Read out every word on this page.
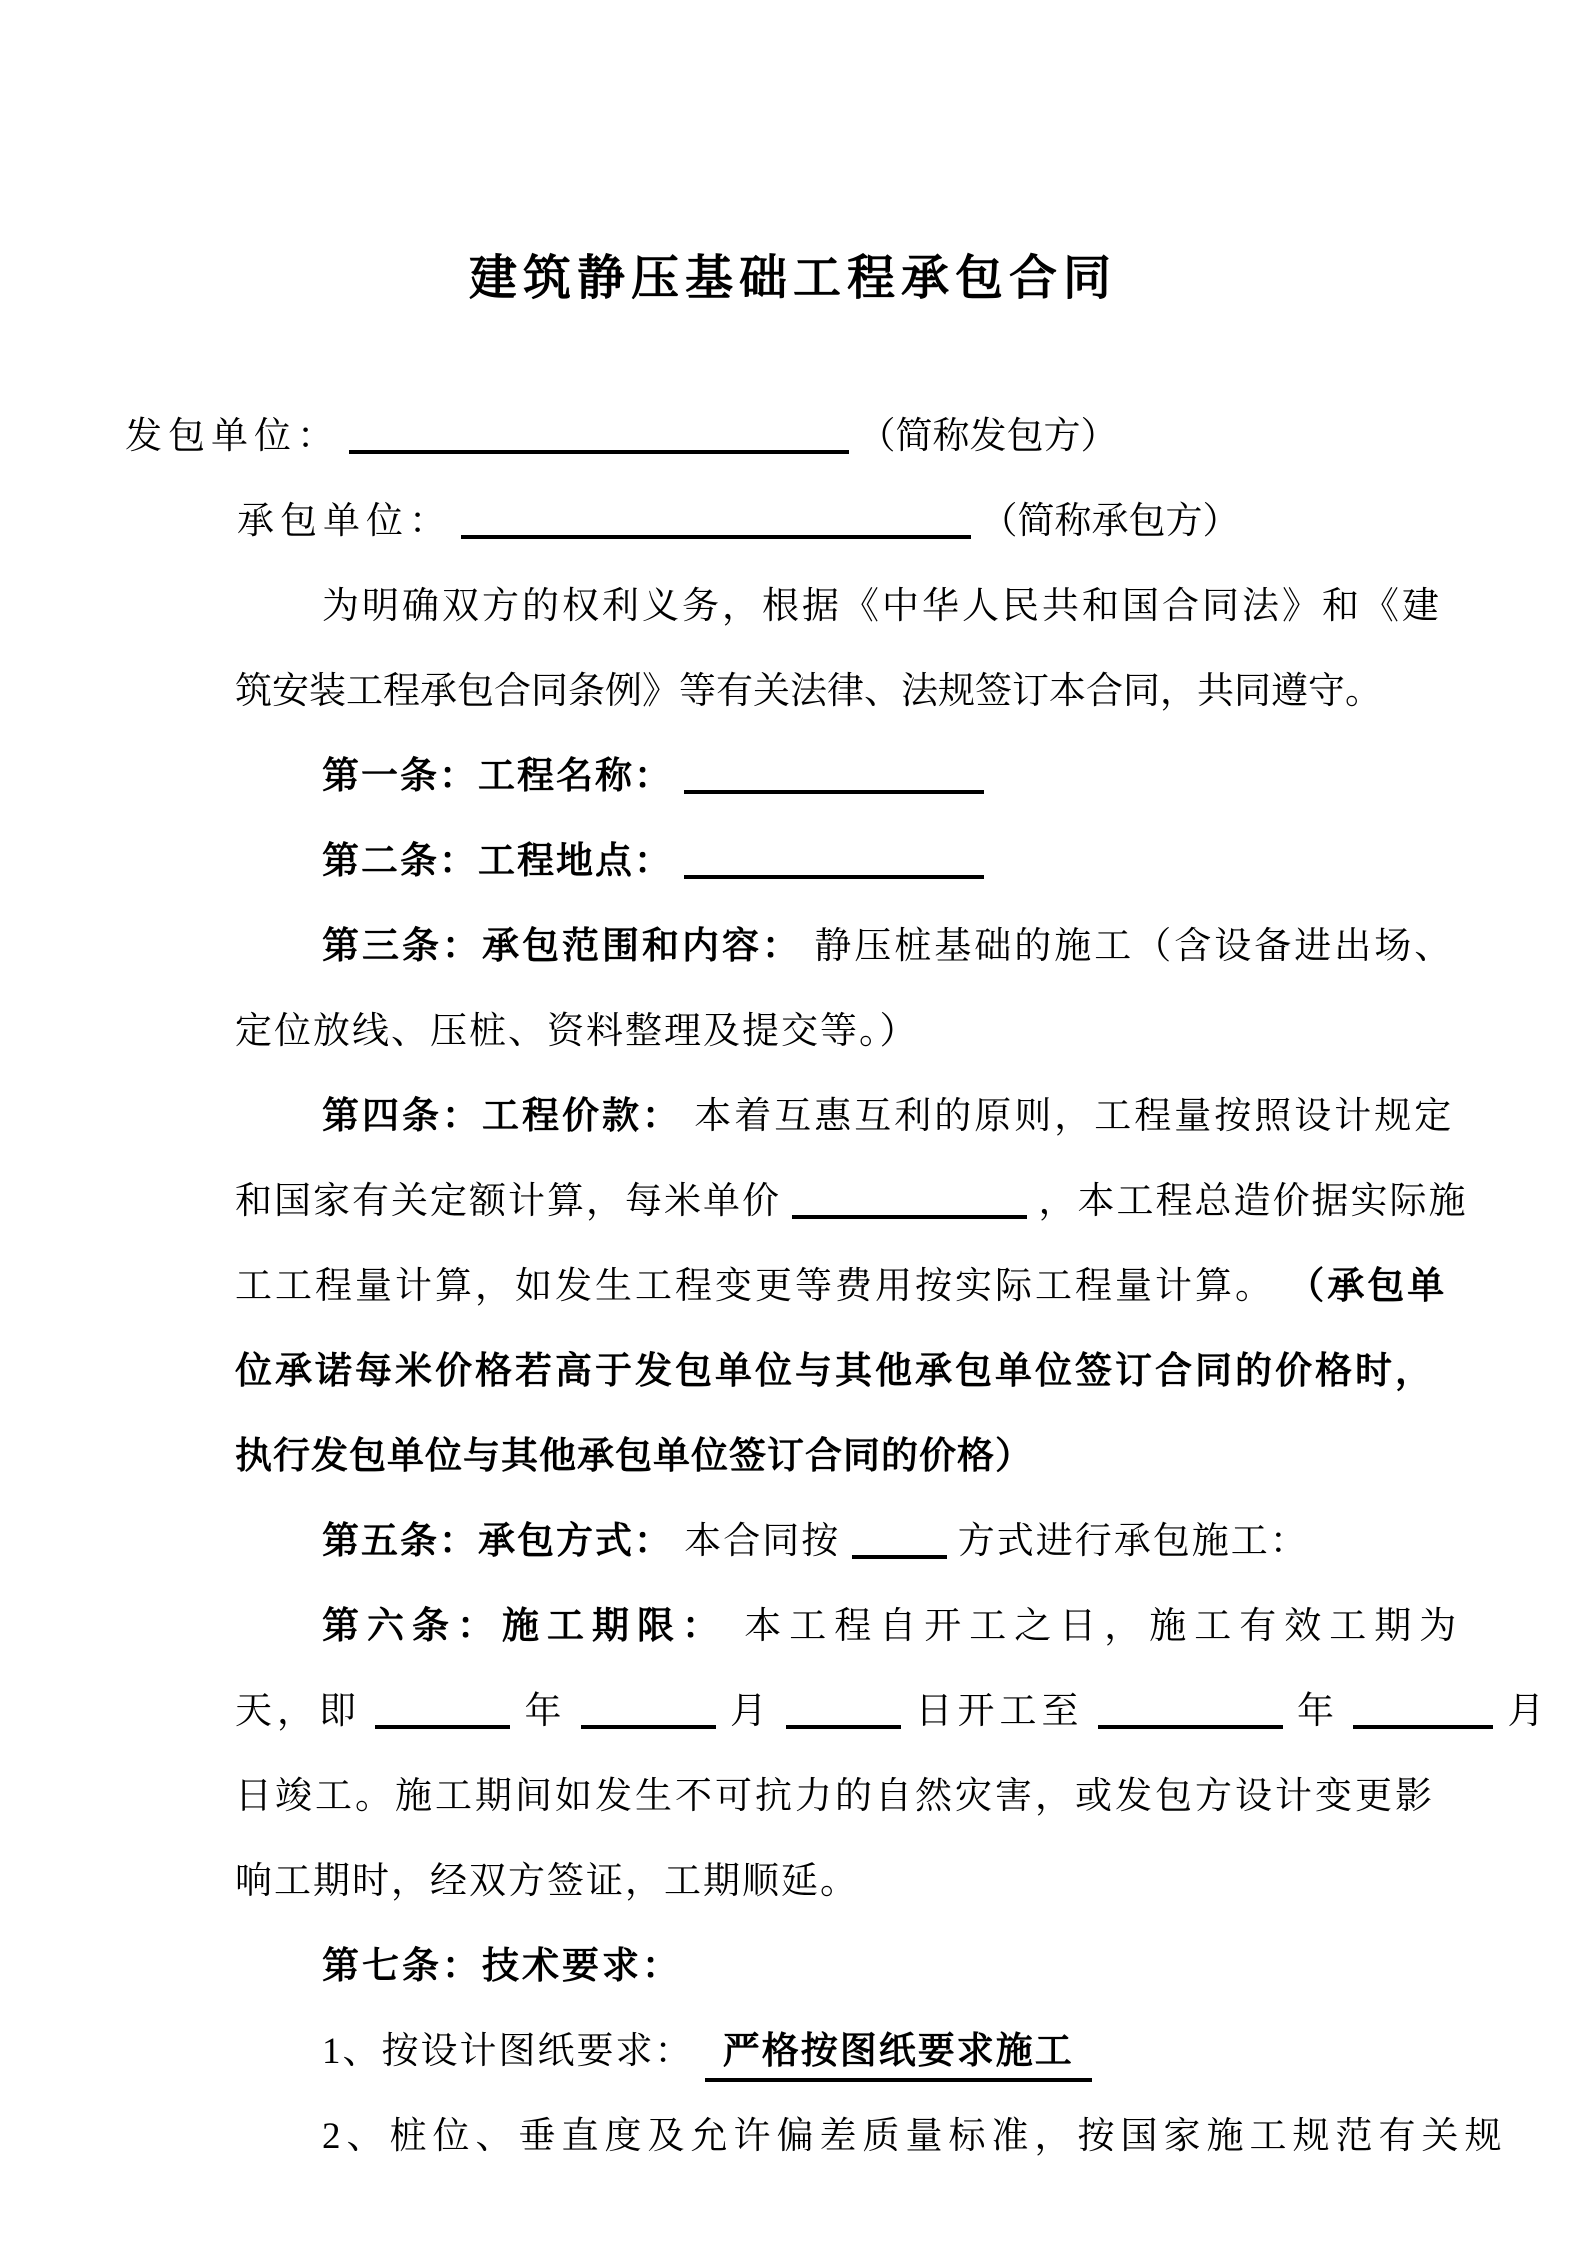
建筑静压基础工程承包合同
发包单位：	（简称发包方）
承包单位：	（简称承包方）
为明确双方的权利义务，根据《中华人民共和国合同法》和《建
筑安装工程承包合同条例》等有关法律、法规签订本合同，共同遵守。
第一条：工程名称：
第二条：工程地点：
第三条：承包范围和内容： 静压桩基础的施工（含设备进出场、
定位放线、压桩、资料整理及提交等。）
第四条：工程价款： 本着互惠互利的原则，工程量按照设计规定
和国家有关定额计算，每米单价	，本工程总造价据实际施
工工程量计算，如发生工程变更等费用按实际工程量计算。 （承包单
位承诺每米价格若高于发包单位与其他承包单位签订合同的价格时，
执行发包单位与其他承包单位签订合同的价格）
第五条：承包方式： 本合同按	方式进行承包施工：
第六条：施工期限： 本工程自开工之日，施工有效工期为
天，即	年	月	日开工至	年	月
日竣工。施工期间如发生不可抗力的自然灾害，或发包方设计变更影
响工期时，经双方签证，工期顺延。
第七条：技术要求：
1、按设计图纸要求： 严格按图纸要求施工
2、桩位、垂直度及允许偏差质量标准，按国家施工规范有关规
